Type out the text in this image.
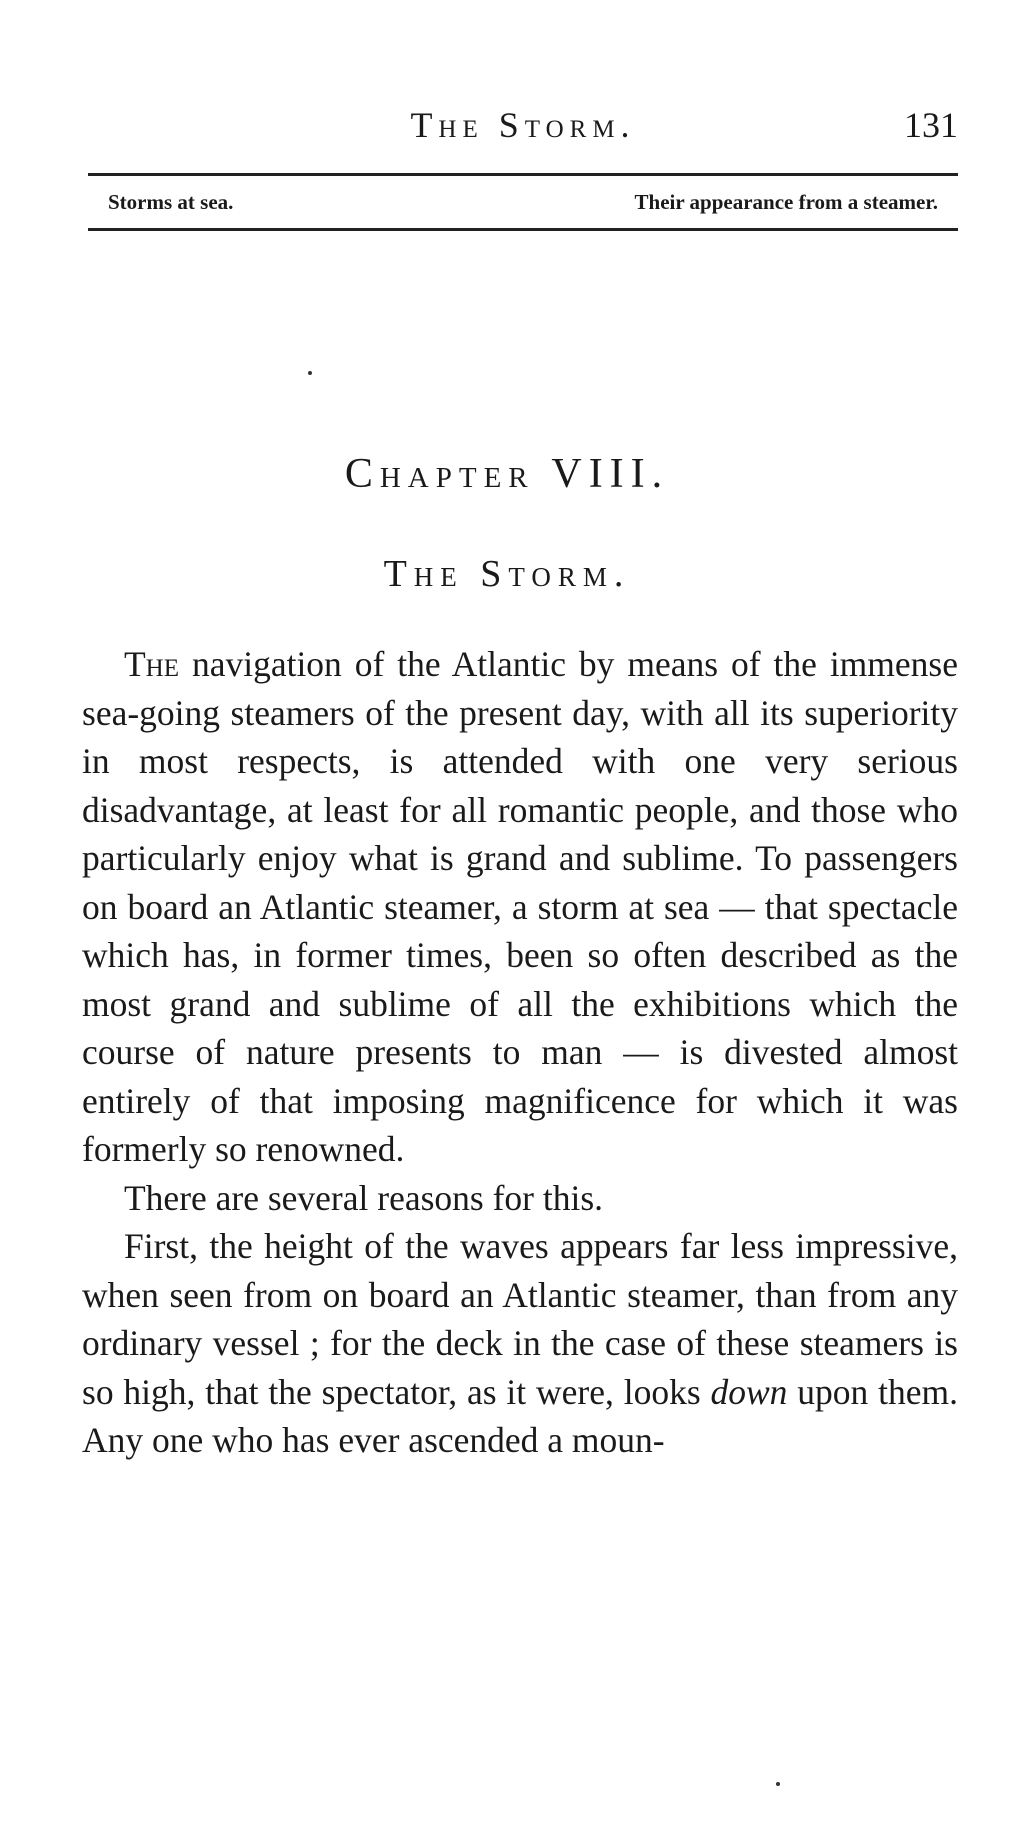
The Storm.	131
Storms at sea.	Their appearance from a steamer.
Chapter VIII.
The Storm.

The navigation of the Atlantic by means of the immense sea-going steamers of the present day, with all its superiority in most respects, is attended with one very serious disadvantage, at least for all romantic people, and those who particularly enjoy what is grand and sublime. To passengers on board an Atlantic steamer, a storm at sea — that spectacle which has, in former times, been so often described as the most grand and sublime of all the exhibitions which the course of nature presents to man — is divested almost entirely of that imposing magnificence for which it was formerly so renowned.

There are several reasons for this.

First, the height of the waves appears far less impressive, when seen from on board an Atlantic steamer, than from any ordinary vessel ; for the deck in the case of these steamers is so high, that the spectator, as it were, looks down upon them. Any one who has ever ascended a moun-
